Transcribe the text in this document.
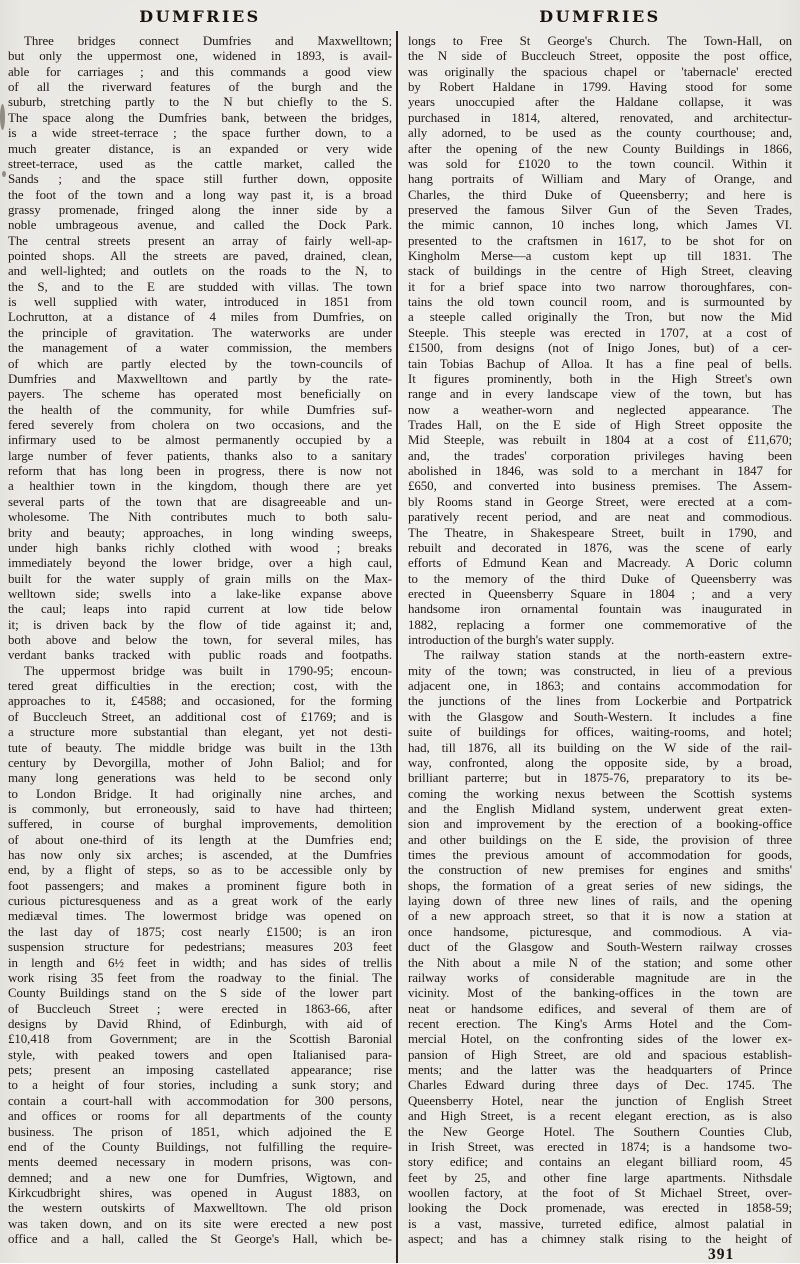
DUMFRIES	DUMFRIES
Three bridges connect Dumfries and Maxwelltown;
but only the uppermost one, widened in 1893, is avail-
able for carriages ; and this commands a good view
of all the riverward features of the burgh and the
suburb, stretching partly to the N but chiefly to the S.
The space along the Dumfries bank, between the bridges,
is a wide street-terrace ; the space further down, to a
much greater distance, is an expanded or very wide
street-terrace, used as the cattle market, called the
Sands ; and the space still further down, opposite
the foot of the town and a long way past it, is a broad
grassy promenade, fringed along the inner side by a
noble umbrageous avenue, and called the Dock Park.
The central streets present an array of fairly well-ap-
pointed shops. All the streets are paved, drained, clean,
and well-lighted; and outlets on the roads to the N, to
the S, and to the E are studded with villas. The town
is well supplied with water, introduced in 1851 from
Lochrutton, at a distance of 4 miles from Dumfries, on
the principle of gravitation. The waterworks are under
the management of a water commission, the members
of which are partly elected by the town-councils of
Dumfries and Maxwelltown and partly by the rate-
payers. The scheme has operated most beneficially on
the health of the community, for while Dumfries suf-
fered severely from cholera on two occasions, and the
infirmary used to be almost permanently occupied by a
large number of fever patients, thanks also to a sanitary
reform that has long been in progress, there is now not
a healthier town in the kingdom, though there are yet
several parts of the town that are disagreeable and un-
wholesome. The Nith contributes much to both salu-
brity and beauty; approaches, in long winding sweeps,
under high banks richly clothed with wood ; breaks
immediately beyond the lower bridge, over a high caul,
built for the water supply of grain mills on the Max-
welltown side; swells into a lake-like expanse above
the caul; leaps into rapid current at low tide below
it; is driven back by the flow of tide against it; and,
both above and below the town, for several miles, has
verdant banks tracked with public roads and footpaths.
The uppermost bridge was built in 1790-95; encoun-
tered great difficulties in the erection; cost, with the
approaches to it, £4588; and occasioned, for the forming
of Buccleuch Street, an additional cost of £1769; and is
a structure more substantial than elegant, yet not desti-
tute of beauty. The middle bridge was built in the 13th
century by Devorgilla, mother of John Baliol; and for
many long generations was held to be second only
to London Bridge. It had originally nine arches, and
is commonly, but erroneously, said to have had thirteen;
suffered, in course of burghal improvements, demolition
of about one-third of its length at the Dumfries end;
has now only six arches; is ascended, at the Dumfries
end, by a flight of steps, so as to be accessible only by
foot passengers; and makes a prominent figure both in
curious picturesqueness and as a great work of the early
mediæval times. The lowermost bridge was opened on
the last day of 1875; cost nearly £1500; is an iron
suspension structure for pedestrians; measures 203 feet
in length and 6½ feet in width; and has sides of trellis
work rising 35 feet from the roadway to the finial. The
County Buildings stand on the S side of the lower part
of Buccleuch Street ; were erected in 1863-66, after
designs by David Rhind, of Edinburgh, with aid of
£10,418 from Government; are in the Scottish Baronial
style, with peaked towers and open Italianised para-
pets; present an imposing castellated appearance; rise
to a height of four stories, including a sunk story; and
contain a court-hall with accommodation for 300 persons,
and offices or rooms for all departments of the county
business. The prison of 1851, which adjoined the E
end of the County Buildings, not fulfilling the require-
ments deemed necessary in modern prisons, was con-
demned; and a new one for Dumfries, Wigtown, and
Kirkcudbright shires, was opened in August 1883, on
the western outskirts of Maxwelltown. The old prison
was taken down, and on its site were erected a new post
office and a hall, called the St George's Hall, which be-
longs to Free St George's Church. The Town-Hall, on
the N side of Buccleuch Street, opposite the post office,
was originally the spacious chapel or 'tabernacle' erected
by Robert Haldane in 1799. Having stood for some
years unoccupied after the Haldane collapse, it was
purchased in 1814, altered, renovated, and architectur-
ally adorned, to be used as the county courthouse; and,
after the opening of the new County Buildings in 1866,
was sold for £1020 to the town council. Within it
hang portraits of William and Mary of Orange, and
Charles, the third Duke of Queensberry; and here is
preserved the famous Silver Gun of the Seven Trades,
the mimic cannon, 10 inches long, which James VI.
presented to the craftsmen in 1617, to be shot for on
Kingholm Merse—a custom kept up till 1831. The
stack of buildings in the centre of High Street, cleaving
it for a brief space into two narrow thoroughfares, con-
tains the old town council room, and is surmounted by
a steeple called originally the Tron, but now the Mid
Steeple. This steeple was erected in 1707, at a cost of
£1500, from designs (not of Inigo Jones, but) of a cer-
tain Tobias Bachup of Alloa. It has a fine peal of bells.
It figures prominently, both in the High Street's own
range and in every landscape view of the town, but has
now a weather-worn and neglected appearance. The
Trades Hall, on the E side of High Street opposite the
Mid Steeple, was rebuilt in 1804 at a cost of £11,670;
and, the trades' corporation privileges having been
abolished in 1846, was sold to a merchant in 1847 for
£650, and converted into business premises. The Assem-
bly Rooms stand in George Street, were erected at a com-
paratively recent period, and are neat and commodious.
The Theatre, in Shakespeare Street, built in 1790, and
rebuilt and decorated in 1876, was the scene of early
efforts of Edmund Kean and Macready. A Doric column
to the memory of the third Duke of Queensberry was
erected in Queensberry Square in 1804 ; and a very
handsome iron ornamental fountain was inaugurated in
1882, replacing a former one commemorative of the
introduction of the burgh's water supply.
The railway station stands at the north-eastern extre-
mity of the town; was constructed, in lieu of a previous
adjacent one, in 1863; and contains accommodation for
the junctions of the lines from Lockerbie and Portpatrick
with the Glasgow and South-Western. It includes a fine
suite of buildings for offices, waiting-rooms, and hotel;
had, till 1876, all its building on the W side of the rail-
way, confronted, along the opposite side, by a broad,
brilliant parterre; but in 1875-76, preparatory to its be-
coming the working nexus between the Scottish systems
and the English Midland system, underwent great exten-
sion and improvement by the erection of a booking-office
and other buildings on the E side, the provision of three
times the previous amount of accommodation for goods,
the construction of new premises for engines and smiths'
shops, the formation of a great series of new sidings, the
laying down of three new lines of rails, and the opening
of a new approach street, so that it is now a station at
once handsome, picturesque, and commodious. A via-
duct of the Glasgow and South-Western railway crosses
the Nith about a mile N of the station; and some other
railway works of considerable magnitude are in the
vicinity. Most of the banking-offices in the town are
neat or handsome edifices, and several of them are of
recent erection. The King's Arms Hotel and the Com-
mercial Hotel, on the confronting sides of the lower ex-
pansion of High Street, are old and spacious establish-
ments; and the latter was the headquarters of Prince
Charles Edward during three days of Dec. 1745. The
Queensberry Hotel, near the junction of English Street
and High Street, is a recent elegant erection, as is also
the New George Hotel. The Southern Counties Club,
in Irish Street, was erected in 1874; is a handsome two-
story edifice; and contains an elegant billiard room, 45
feet by 25, and other fine large apartments. Nithsdale
woollen factory, at the foot of St Michael Street, over-
looking the Dock promenade, was erected in 1858-59;
is a vast, massive, turreted edifice, almost palatial in
aspect; and has a chimney stalk rising to the height of
391
